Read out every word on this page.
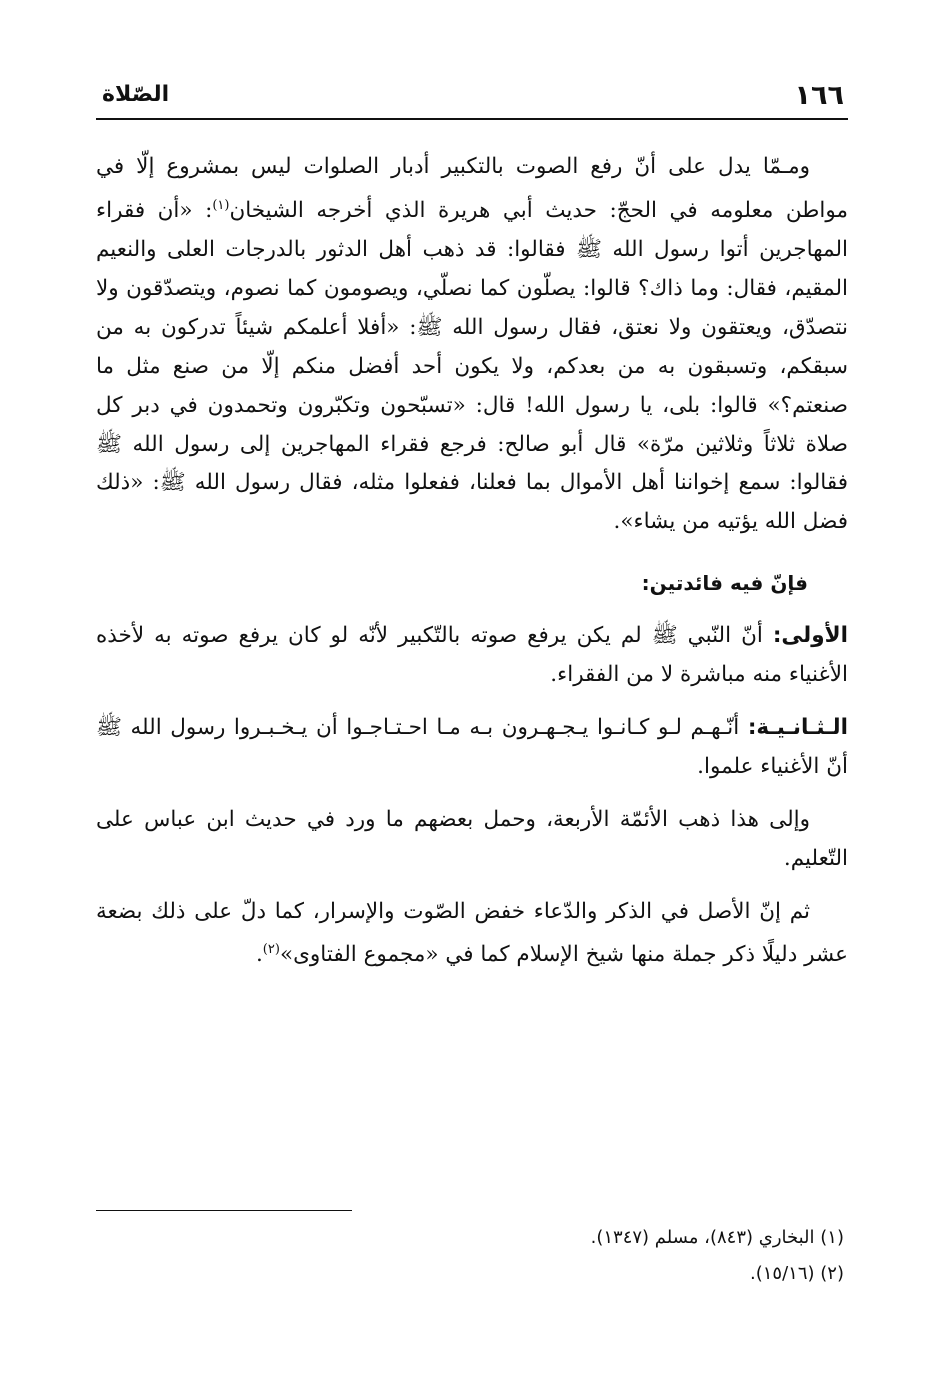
١٦٦
الصّلاة

ومـمّا يدل على أنّ رفع الصوت بالتكبير أدبار الصلوات ليس بمشروع إلّا في مواطن معلومه في الحجّ: حديث أبي هريرة الذي أخرجه الشيخان$^{(١)}$: «أن فقراء المهاجرين أتوا رسول الله ﷺ فقالوا: قد ذهب أهل الدثور بالدرجات العلى والنعيم المقيم، فقال: وما ذاك؟ قالوا: يصلّون كما نصلّي، ويصومون كما نصوم، ويتصدّقون ولا نتصدّق، ويعتقون ولا نعتق، فقال رسول الله ﷺ: «أفلا أعلمكم شيئاً تدركون به من سبقكم، وتسبقون به من بعدكم، ولا يكون أحد أفضل منكم إلّا من صنع مثل ما صنعتم؟» قالوا: بلى، يا رسول الله! قال: «تسبّحون وتكبّرون وتحمدون في دبر كل صلاة ثلاثاً وثلاثين مرّة» قال أبو صالح: فرجع فقراء المهاجرين إلى رسول الله ﷺ فقالوا: سمع إخواننا أهل الأموال بما فعلنا، ففعلوا مثله، فقال رسول الله ﷺ: «ذلك فضل الله يؤتيه من يشاء».

فإنّ فيه فائدتين:

الأولى: أنّ النّبي ﷺ لم يكن يرفع صوته بالتّكبير لأنّه لو كان يرفع صوته به لأخذه الأغنياء منه مباشرة لا من الفقراء.

الـثـانـيـة: أنّـهـم لـو كـانـوا يـجـهـرون بـه مـا احـتـاجـوا أن يـخـبـروا رسول الله ﷺ أنّ الأغنياء علموا.

وإلى هذا ذهب الأئمّة الأربعة، وحمل بعضهم ما ورد في حديث ابن عباس على التّعليم.

ثم إنّ الأصل في الذكر والدّعاء خفض الصّوت والإسرار، كما دلّ على ذلك بضعة عشر دليلًا ذكر جملة منها شيخ الإسلام كما في «مجموع الفتاوى»$^{(٢)}$.

(١) البخاري (٨٤٣)، مسلم (١٣٤٧).

(٢) (١٥/١٦).
